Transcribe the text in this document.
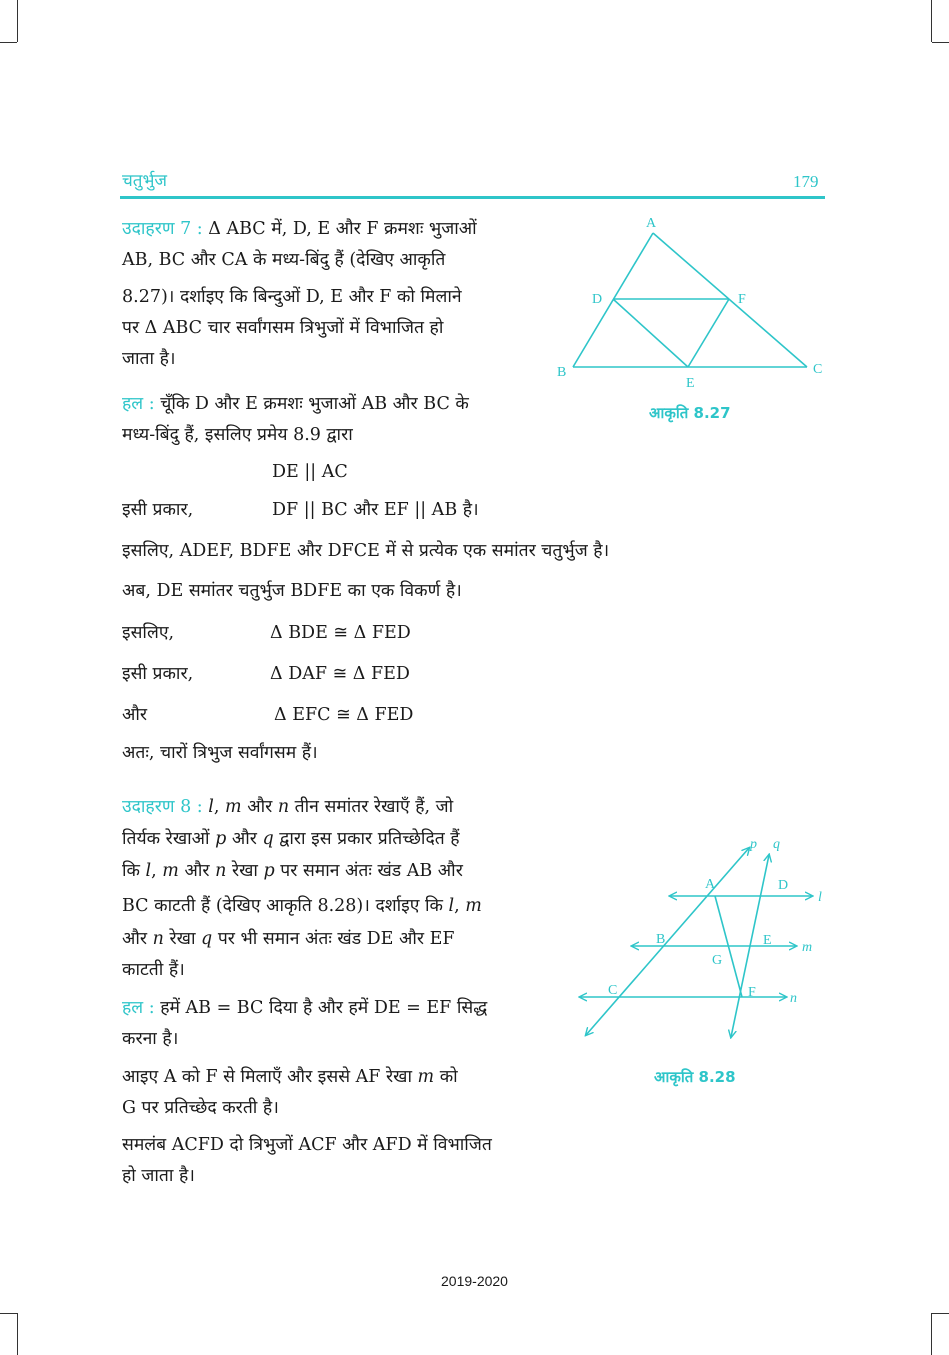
चतुर्भुज	179
उदाहरण 7 : Δ ABC में, D, E और F क्रमशः भुजाओं
AB, BC और CA के मध्य-बिंदु हैं (देखिए आकृति
8.27)। दर्शाइए कि बिन्दुओं D, E और F को मिलाने
पर Δ ABC चार सर्वांगसम त्रिभुजों में विभाजित हो
जाता है।
A
D	F
B	C
E
आकृति 8.27
हल : चूँकि D और E क्रमशः भुजाओं AB और BC के
मध्य-बिंदु हैं, इसलिए प्रमेय 8.9 द्वारा
DE || AC
इसी प्रकार,	DF || BC और EF || AB है।
इसलिए, ADEF, BDFE और DFCE में से प्रत्येक एक समांतर चतुर्भुज है।
अब, DE समांतर चतुर्भुज BDFE का एक विकर्ण है।
इसलिए,	Δ BDE ≅ Δ FED
इसी प्रकार,	Δ DAF ≅ Δ FED
और	Δ EFC ≅ Δ FED
अतः, चारों त्रिभुज सर्वांगसम हैं।
उदाहरण 8 : l, m और n तीन समांतर रेखाएँ हैं, जो
तिर्यक रेखाओं p और q द्वारा इस प्रकार प्रतिच्छेदित हैं
कि l, m और n रेखा p पर समान अंतः खंड AB और
BC काटती हैं (देखिए आकृति 8.28)। दर्शाइए कि l, m
और n रेखा q पर भी समान अंतः खंड DE और EF
काटती हैं।
हल : हमें AB = BC दिया है और हमें DE = EF सिद्ध
करना है।
आइए A को F से मिलाएँ और इससे AF रेखा m को
G पर प्रतिच्छेद करती है।
समलंब ACFD दो त्रिभुजों ACF और AFD में विभाजित
हो जाता है।
p q
A	D
l
B	E m
G
C	F n
आकृति 8.28
2019-2020
